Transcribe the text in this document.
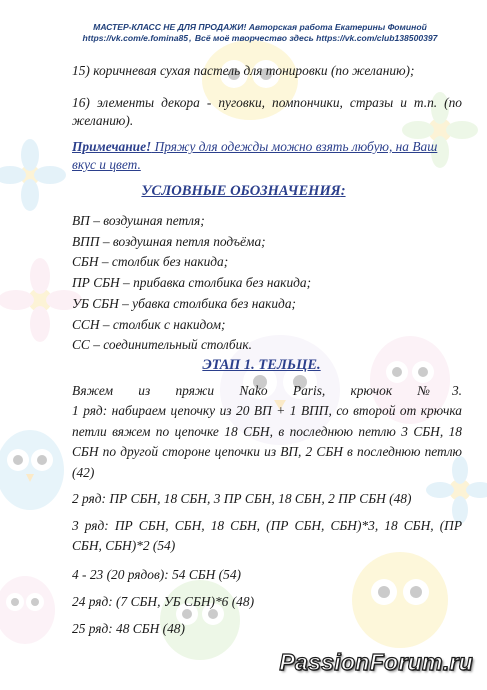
МАСТЕР-КЛАСС НЕ ДЛЯ ПРОДАЖИ! Авторская работа Екатерины Фоминой
https://vk.com/e.fomina85, Всё моё творчество здесь https://vk.com/club138500397
15) коричневая сухая пастель для тонировки (по желанию);
16) элементы декора - пуговки, помпончики, стразы и т.п. (по желанию).
Примечание! Пряжу для одежды можно взять любую, на Ваш вкус и цвет.
УСЛОВНЫЕ ОБОЗНАЧЕНИЯ:
ВП – воздушная петля;
ВПП – воздушная петля подъёма;
СБН – столбик без накида;
ПР СБН – прибавка столбика без накида;
УБ СБН – убавка столбика без накида;
ССН – столбик с накидом;
СС – соединительный столбик.
ЭТАП 1. ТЕЛЬЦЕ.
Вяжем из пряжи Nako Paris, крючок №3.
1 ряд: набираем цепочку из 20 ВП + 1 ВПП, со второй от крючка петли вяжем по цепочке 18 СБН, в последнюю петлю 3 СБН, 18 СБН по другой стороне цепочки из ВП, 2 СБН в последнюю петлю (42)
2 ряд: ПР СБН, 18 СБН, 3 ПР СБН, 18 СБН, 2 ПР СБН (48)
3 ряд: ПР СБН, СБН, 18 СБН, (ПР СБН, СБН)*3, 18 СБН, (ПР СБН, СБН)*2 (54)
4 - 23 (20 рядов): 54 СБН (54)
24 ряд: (7 СБН, УБ СБН)*6 (48)
25 ряд: 48 СБН (48)
PassionForum.ru
